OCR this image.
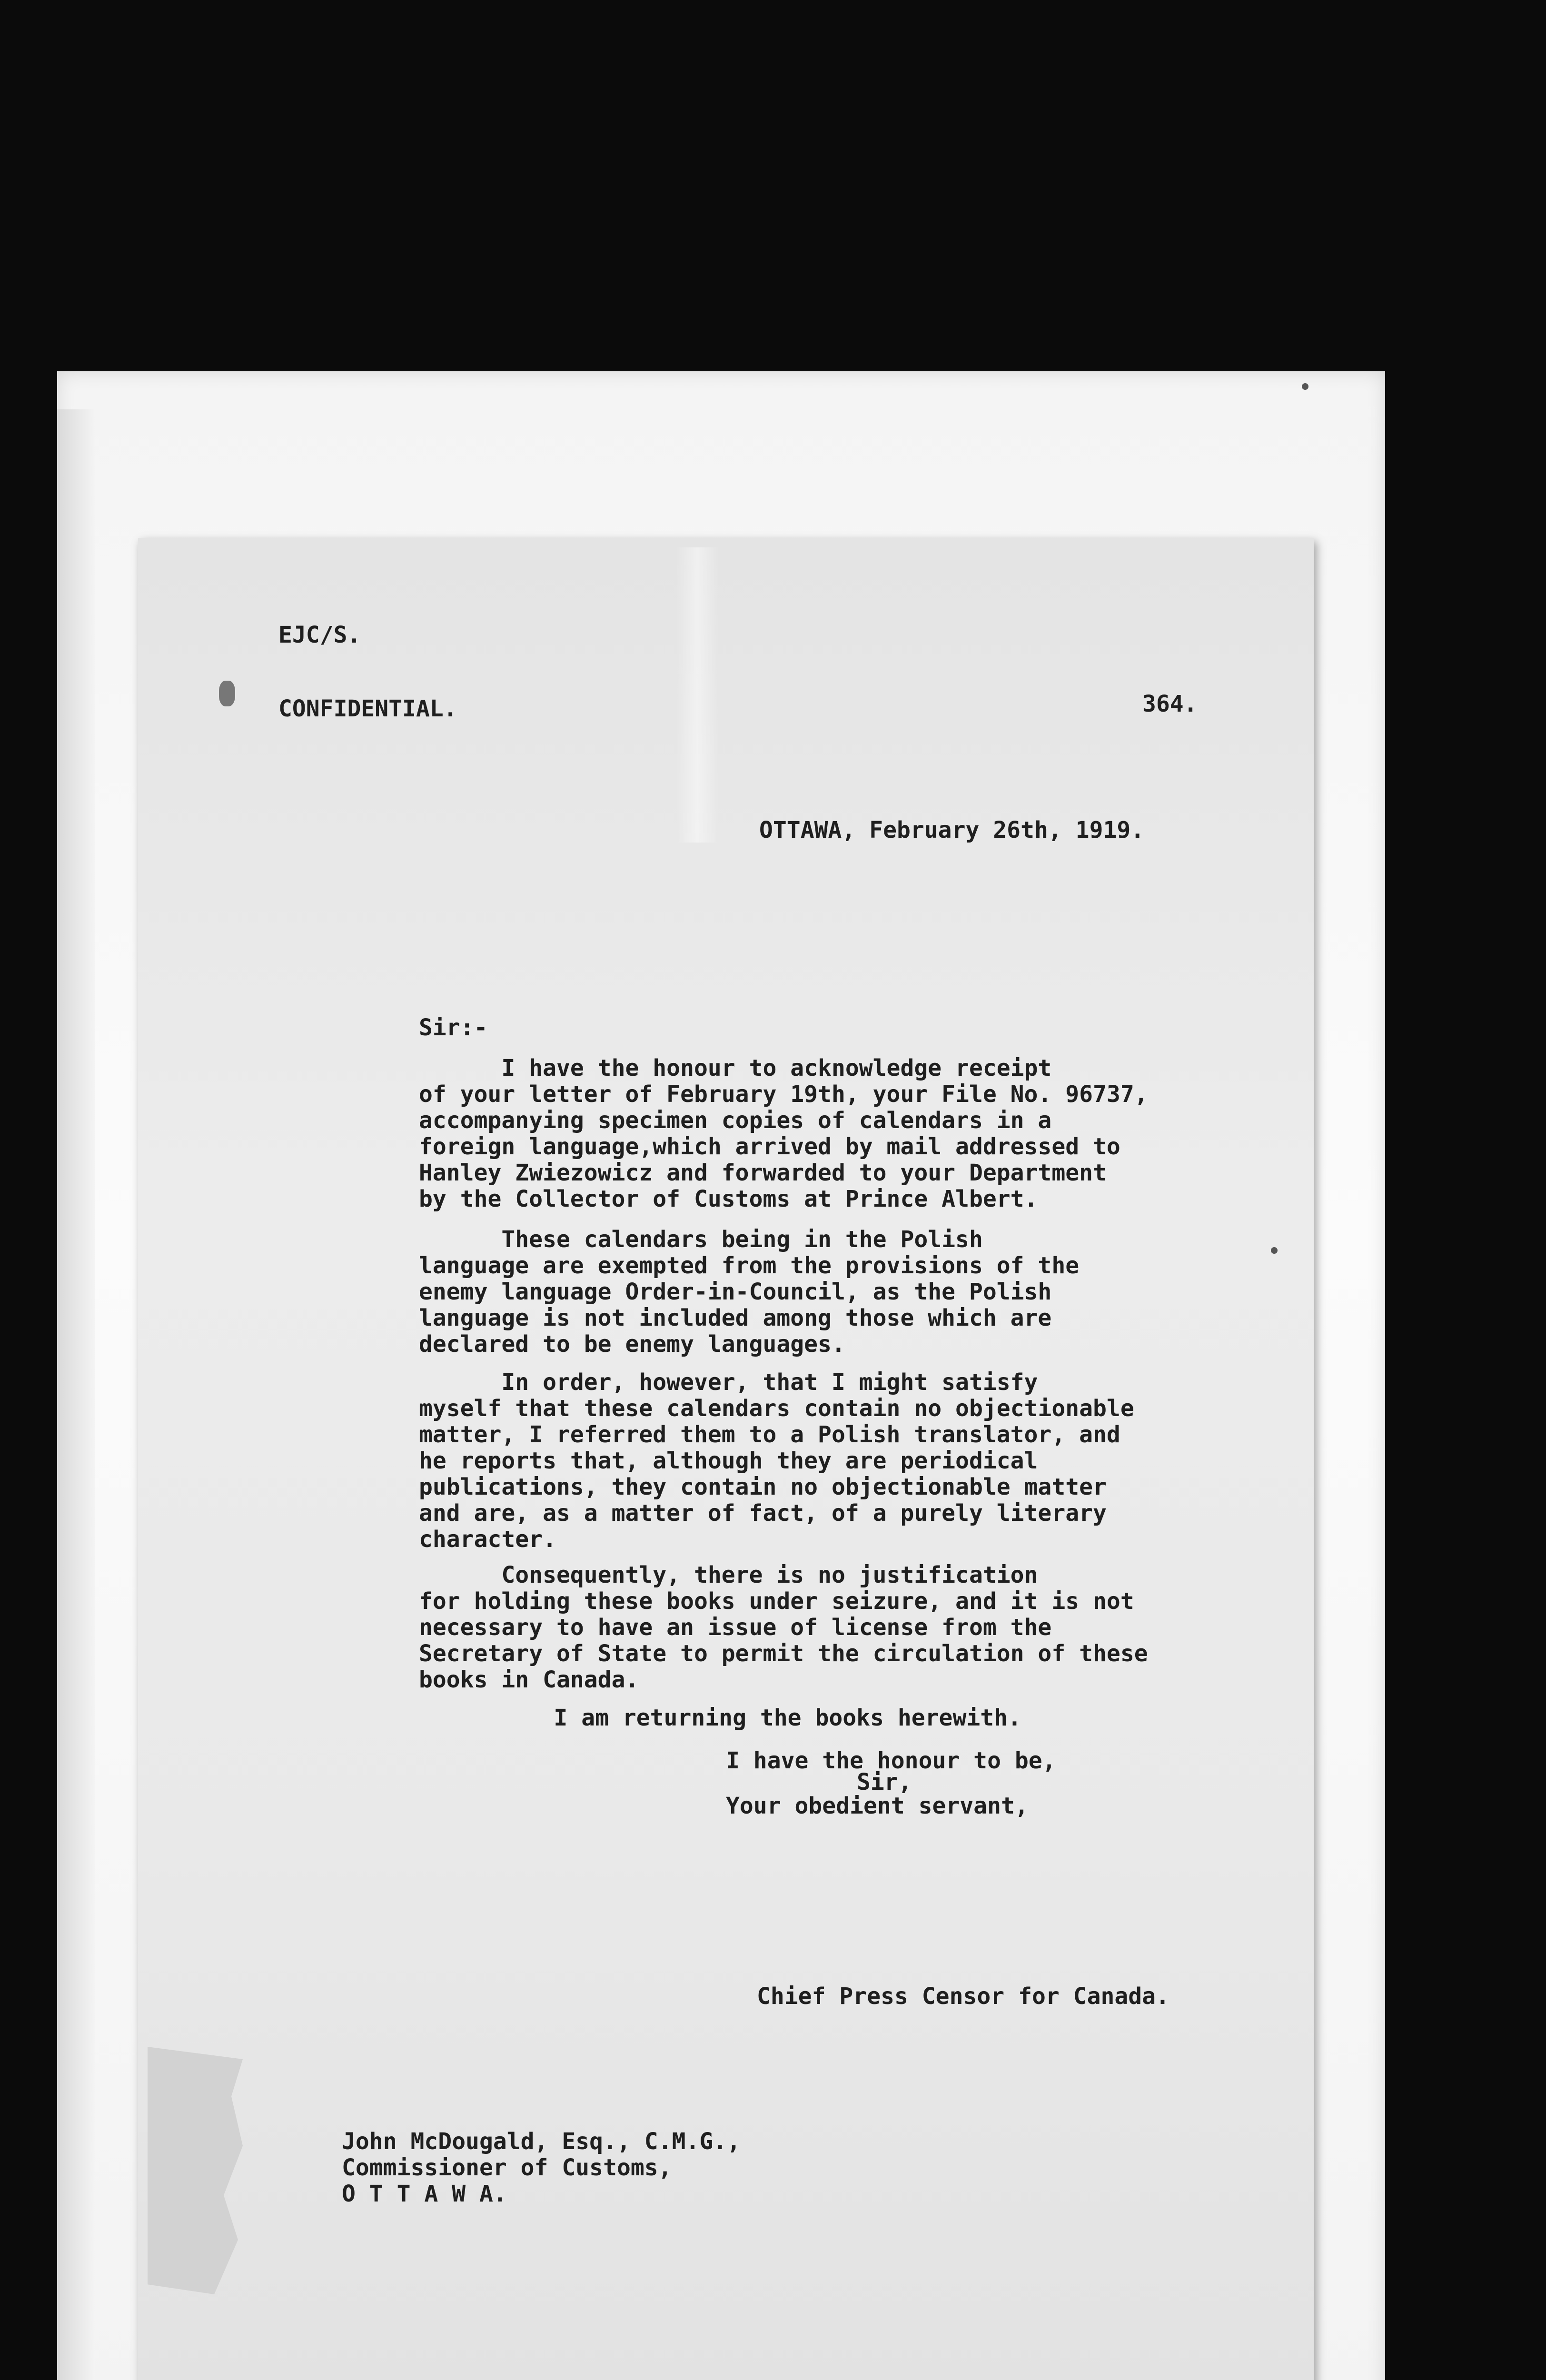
EJC/S.
CONFIDENTIAL.	364.
OTTAWA, February 26th, 1919.
Sir:-
I have the honour to acknowledge receipt
of your letter of February 19th, your File No. 96737,
accompanying specimen copies of calendars in a
foreign language,which arrived by mail addressed to
Hanley Zwiezowicz and forwarded to your Department
by the Collector of Customs at Prince Albert.
These calendars being in the Polish
language are exempted from the provisions of the
enemy language Order-in-Council, as the Polish
language is not included among those which are
declared to be enemy languages.
In order, however, that I might satisfy
myself that these calendars contain no objectionable
matter, I referred them to a Polish translator, and
he reports that, although they are periodical
publications, they contain no objectionable matter
and are, as a matter of fact, of a purely literary
character.
Consequently, there is no justification
for holding these books under seizure, and it is not
necessary to have an issue of license from the
Secretary of State to permit the circulation of these
books in Canada.
I am returning the books herewith.
I have the honour to be,
Sir,
Your obedient servant,
Chief Press Censor for Canada.
John McDougald, Esq., C.M.G.,
Commissioner of Customs,
O T T A W A.
